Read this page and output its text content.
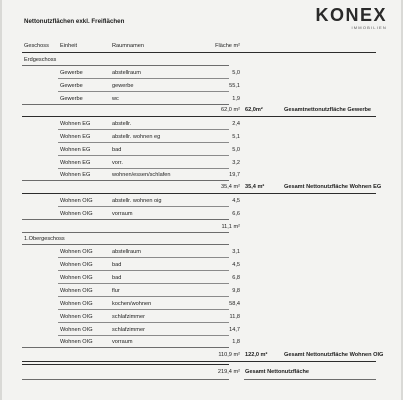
Nettonutzflächen exkl. Freiflächen	KONEX
IMMOBILIEN
Geschoss Einheit	Raumnamen	Fläche m²
Erdgeschoss
Gewerbe	abstellraum	5,0
Gewerbe	gewerbe	55,1
Gewerbe	wc	1,9
62,0 m² 62,0m²	Gesamtnettonutzfläche Gewerbe
Wohnen EG	abstellr.	2,4
Wohnen EG	abstellr. wohnen eg	5,1
Wohnen EG	bad	5,0
Wohnen EG	vorr.	3,2
Wohnen EG	wohnen/essen/schlafen	19,7
35,4 m² 35,4 m²	Gesamt Nettonutzfläche Wohnen EG
Wohnen OIG	abstellr. wohnen oig	4,5
Wohnen OIG	vorraum	6,6
11,1 m²
1.Obergeschoss
Wohnen OIG	abstellraum	3,1
Wohnen OIG	bad	4,5
Wohnen OIG	bad	6,8
Wohnen OIG	flur	9,8
Wohnen OIG	kochen/wohnen	58,4
Wohnen OIG	schlafzimmer	11,8
Wohnen OIG	schlafzimmer	14,7
Wohnen OIG	vorraum	1,8
110,9 m² 122,0 m²	Gesamt Nettonutzfläche Wohnen OIG
219,4 m² Gesamt Nettonutzfläche
